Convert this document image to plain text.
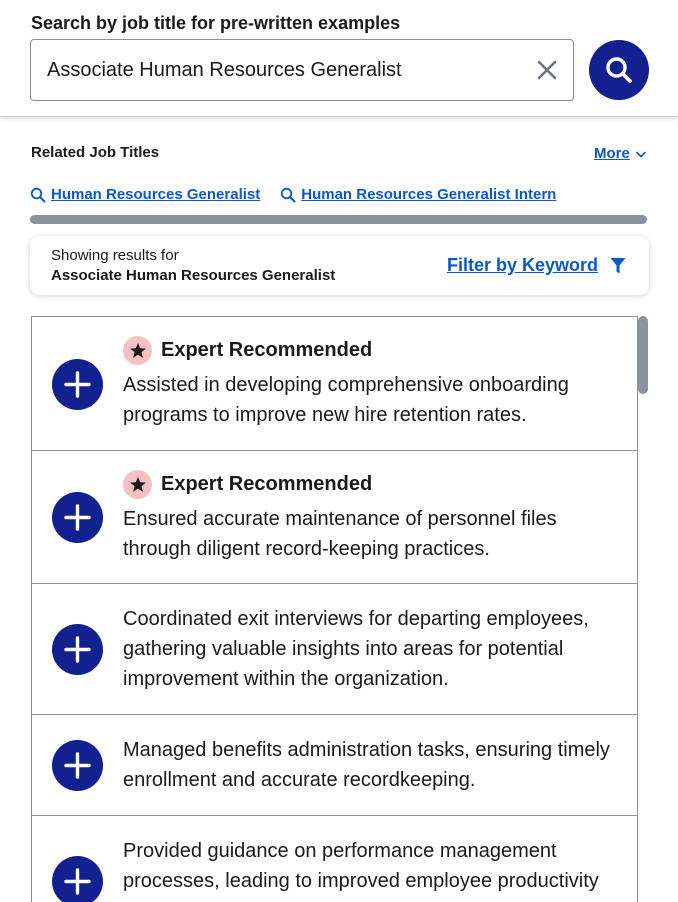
Search by job title for pre-written examples
Associate Human Resources Generalist
Related Job Titles	More
Human Resources Generalist	Human Resources Generalist Intern
Showing results for
Associate Human Resources Generalist
Filter by Keyword
Expert Recommended
Assisted in developing comprehensive onboarding
programs to improve new hire retention rates.
Expert Recommended
Ensured accurate maintenance of personnel files
through diligent record-keeping practices.
Coordinated exit interviews for departing employees,
gathering valuable insights into areas for potential
improvement within the organization.
Managed benefits administration tasks, ensuring timely
enrollment and accurate recordkeeping.
Provided guidance on performance management
processes, leading to improved employee productivity
